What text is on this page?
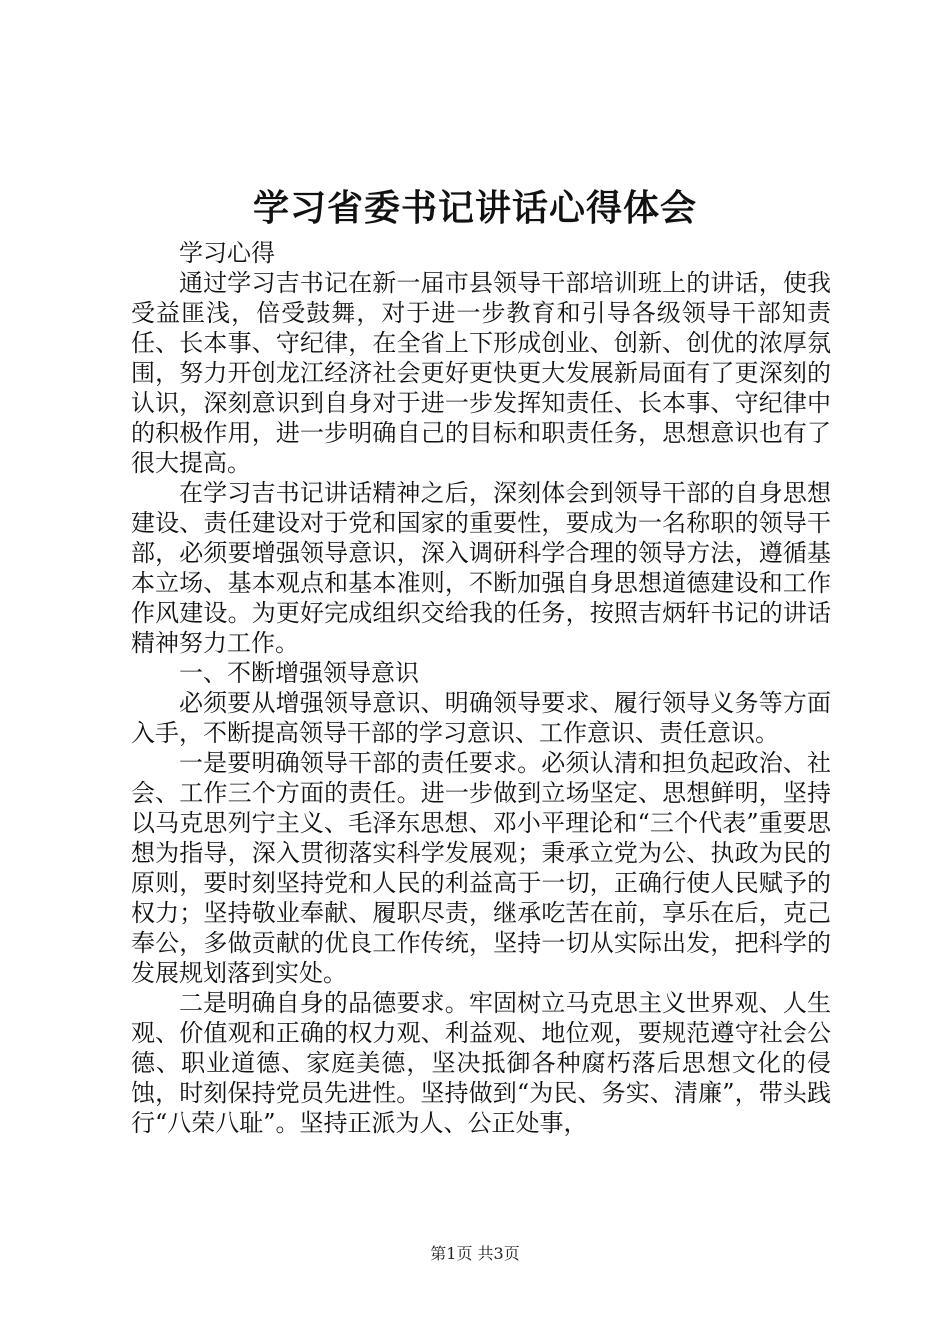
学习省委书记讲话心得体会

学习心得

通过学习吉书记在新一届市县领导干部培训班上的讲话，使我受益匪浅，倍受鼓舞，对于进一步教育和引导各级领导干部知责任、长本事、守纪律，在全省上下形成创业、创新、创优的浓厚氛围，努力开创龙江经济社会更好更快更大发展新局面有了更深刻的认识，深刻意识到自身对于进一步发挥知责任、长本事、守纪律中的积极作用，进一步明确自己的目标和职责任务，思想意识也有了很大提高。

在学习吉书记讲话精神之后，深刻体会到领导干部的自身思想建设、责任建设对于党和国家的重要性，要成为一名称职的领导干部，必须要增强领导意识，深入调研科学合理的领导方法，遵循基本立场、基本观点和基本准则，不断加强自身思想道德建设和工作作风建设。为更好完成组织交给我的任务，按照吉炳轩书记的讲话精神努力工作。

一、不断增强领导意识

必须要从增强领导意识、明确领导要求、履行领导义务等方面入手，不断提高领导干部的学习意识、工作意识、责任意识。

一是要明确领导干部的责任要求。必须认清和担负起政治、社会、工作三个方面的责任。进一步做到立场坚定、思想鲜明，坚持以马克思列宁主义、毛泽东思想、邓小平理论和“三个代表”重要思想为指导，深入贯彻落实科学发展观；秉承立党为公、执政为民的原则，要时刻坚持党和人民的利益高于一切，正确行使人民赋予的权力；坚持敬业奉献、履职尽责，继承吃苦在前，享乐在后，克己奉公，多做贡献的优良工作传统，坚持一切从实际出发，把科学的发展规划落到实处。

二是明确自身的品德要求。牢固树立马克思主义世界观、人生观、价值观和正确的权力观、利益观、地位观，要规范遵守社会公德、职业道德、家庭美德，坚决抵御各种腐朽落后思想文化的侵蚀，时刻保持党员先进性。坚持做到“为民、务实、清廉”，带头践行“八荣八耻”。坚持正派为人、公正处事，

第1页 共3页
